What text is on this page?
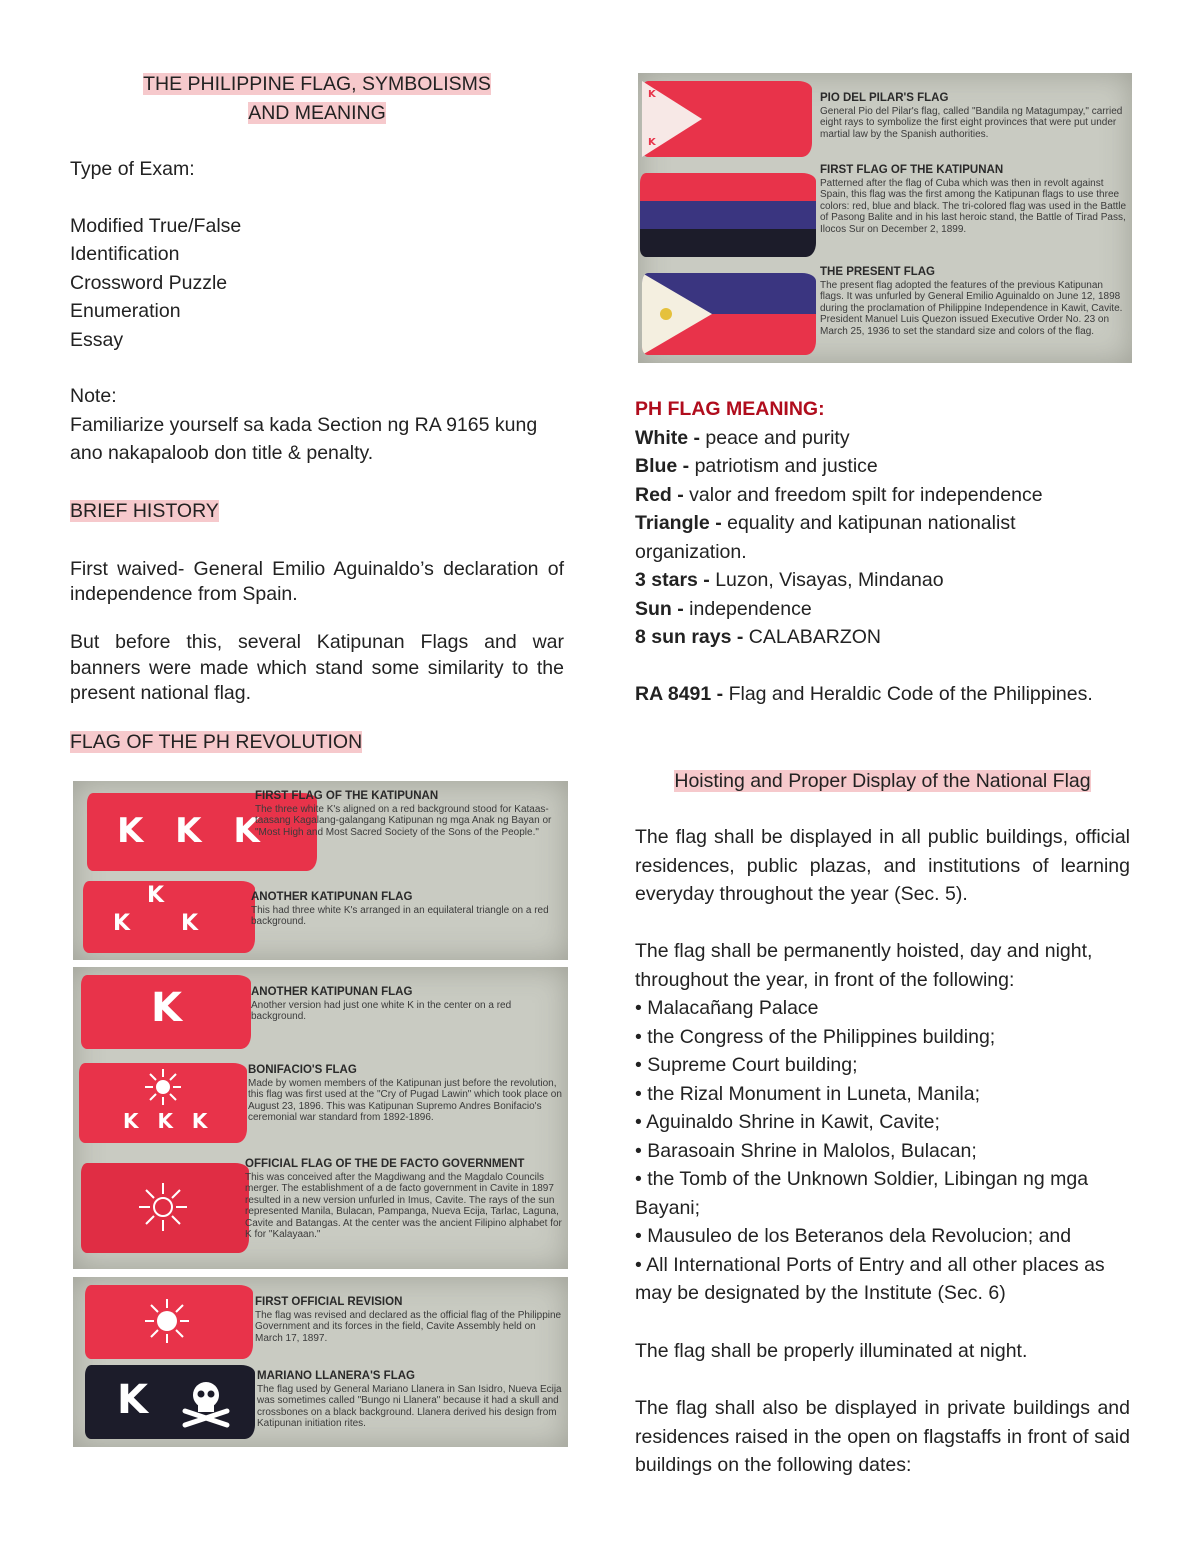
THE PHILIPPINE FLAG, SYMBOLISMS
AND MEANING
Type of Exam:
Modified True/False
Identification
Crossword Puzzle
Enumeration
Essay
Note:
Familiarize yourself sa kada Section ng RA 9165 kung ano nakapaloob don title & penalty.
BRIEF HISTORY
First waived- General Emilio Aguinaldo’s declaration of independence from Spain.
But before this, several Katipunan Flags and war banners were made which stand some similarity to the present national flag.
FLAG OF THE PH REVOLUTION
K K K
FIRST FLAG OF THE KATIPUNAN
The three white K's aligned on a red background stood for Kataas-taasang Kagalang-galangang Katipunan ng mga Anak ng Bayan or "Most High and Most Sacred Society of the Sons of the People."
K
K K
ANOTHER KATIPUNAN FLAG
This had three white K's arranged in an equilateral triangle on a red background.
K	ANOTHER KATIPUNAN FLAG
Another version had just one white K in the center on a red background.
K K K
BONIFACIO'S FLAG
Made by women members of the Katipunan just before the revolution, this flag was first used at the "Cry of Pugad Lawin" which took place on August 23, 1896. This was Katipunan Supremo Andres Bonifacio's ceremonial war standard from 1892-1896.
OFFICIAL FLAG OF THE DE FACTO GOVERNMENT
This was conceived after the Magdiwang and the Magdalo Councils merger. The establishment of a de facto government in Cavite in 1897 resulted in a new version unfurled in Imus, Cavite. The rays of the sun represented Manila, Bulacan, Pampanga, Nueva Ecija, Tarlac, Laguna, Cavite and Batangas. At the center was the ancient Filipino alphabet for K for "Kalayaan."
FIRST OFFICIAL REVISION
The flag was revised and declared as the official flag of the Philippine Government and its forces in the field, Cavite Assembly held on March 17, 1897.
K
MARIANO LLANERA'S FLAG
The flag used by General Mariano Llanera in San Isidro, Nueva Ecija was sometimes called "Bungo ni Llanera" because it had a skull and crossbones on a black background. Llanera derived his design from Katipunan initiation rites.
K
K
PIO DEL PILAR'S FLAG
General Pio del Pilar's flag, called "Bandila ng Matagumpay," carried eight rays to symbolize the first eight provinces that were put under martial law by the Spanish authorities.
FIRST FLAG OF THE KATIPUNAN
Patterned after the flag of Cuba which was then in revolt against Spain, this flag was the first among the Katipunan flags to use three colors: red, blue and black. The tri-colored flag was used in the Battle of Pasong Balite and in his last heroic stand, the Battle of Tirad Pass, Ilocos Sur on December 2, 1899.
THE PRESENT FLAG
The present flag adopted the features of the previous Katipunan flags. It was unfurled by General Emilio Aguinaldo on June 12, 1898 during the proclamation of Philippine Independence in Kawit, Cavite. President Manuel Luis Quezon issued Executive Order No. 23 on March 25, 1936 to set the standard size and colors of the flag.
PH FLAG MEANING:
White - peace and purity
Blue - patriotism and justice
Red - valor and freedom spilt for independence
Triangle - equality and katipunan nationalist organization.
3 stars - Luzon, Visayas, Mindanao
Sun - independence
8 sun rays - CALABARZON
RA 8491 - Flag and Heraldic Code of the Philippines.
Hoisting and Proper Display of the National Flag
The flag shall be displayed in all public buildings, official residences, public plazas, and institutions of learning everyday throughout the year (Sec. 5).
The flag shall be permanently hoisted, day and night, throughout the year, in front of the following:
• Malacañang Palace
• the Congress of the Philippines building;
• Supreme Court building;
• the Rizal Monument in Luneta, Manila;
• Aguinaldo Shrine in Kawit, Cavite;
• Barasoain Shrine in Malolos, Bulacan;
• the Tomb of the Unknown Soldier, Libingan ng mga Bayani;
• Mausuleo de los Beteranos dela Revolucion; and
• All International Ports of Entry and all other places as may be designated by the Institute (Sec. 6)
The flag shall be properly illuminated at night.
The flag shall also be displayed in private buildings and residences raised in the open on flagstaffs in front of said buildings on the following dates:
